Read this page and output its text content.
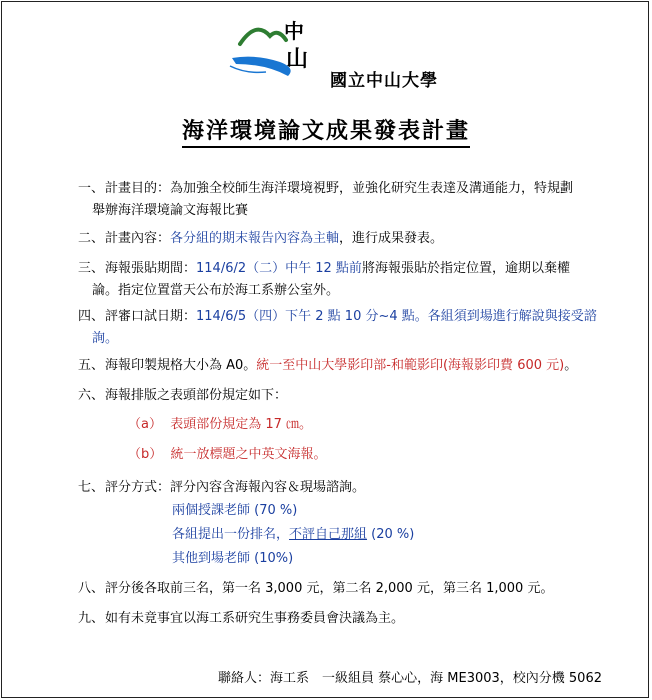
中
山
國立中山大學
海洋環境論文成果發表計畫
一、計畫目的：為加強全校師生海洋環境視野，並強化研究生表達及溝通能力，特規劃
舉辦海洋環境論文海報比賽
二、計畫內容：各分組的期末報告內容為主軸，進行成果發表。
三、海報張貼期間：114/6/2（二）中午 12 點前將海報張貼於指定位置，逾期以棄權
論。指定位置當天公布於海工系辦公室外。
四、評審口試日期：114/6/5（四）下午 2 點 10 分~4 點。各組須到場進行解說與接受諮
詢。
五、海報印製規格大小為 A0。統一至中山大學影印部-和範影印(海報影印費 600 元)。
六、海報排版之表頭部份規定如下：
（a） 表頭部份規定為 17 ㎝。
（b） 統一放標題之中英文海報。
七、評分方式：評分內容含海報內容＆現場諮詢。
兩個授課老師 (70 %)
各組提出一份排名，不評自己那組 (20 %)
其他到場老師 (10%)
八、評分後各取前三名，第一名 3,000 元，第二名 2,000 元，第三名 1,000 元。
九、如有未竟事宜以海工系研究生事務委員會決議為主。
聯絡人：海工系　一級組員 蔡心心，海 ME3003，校內分機 5062
